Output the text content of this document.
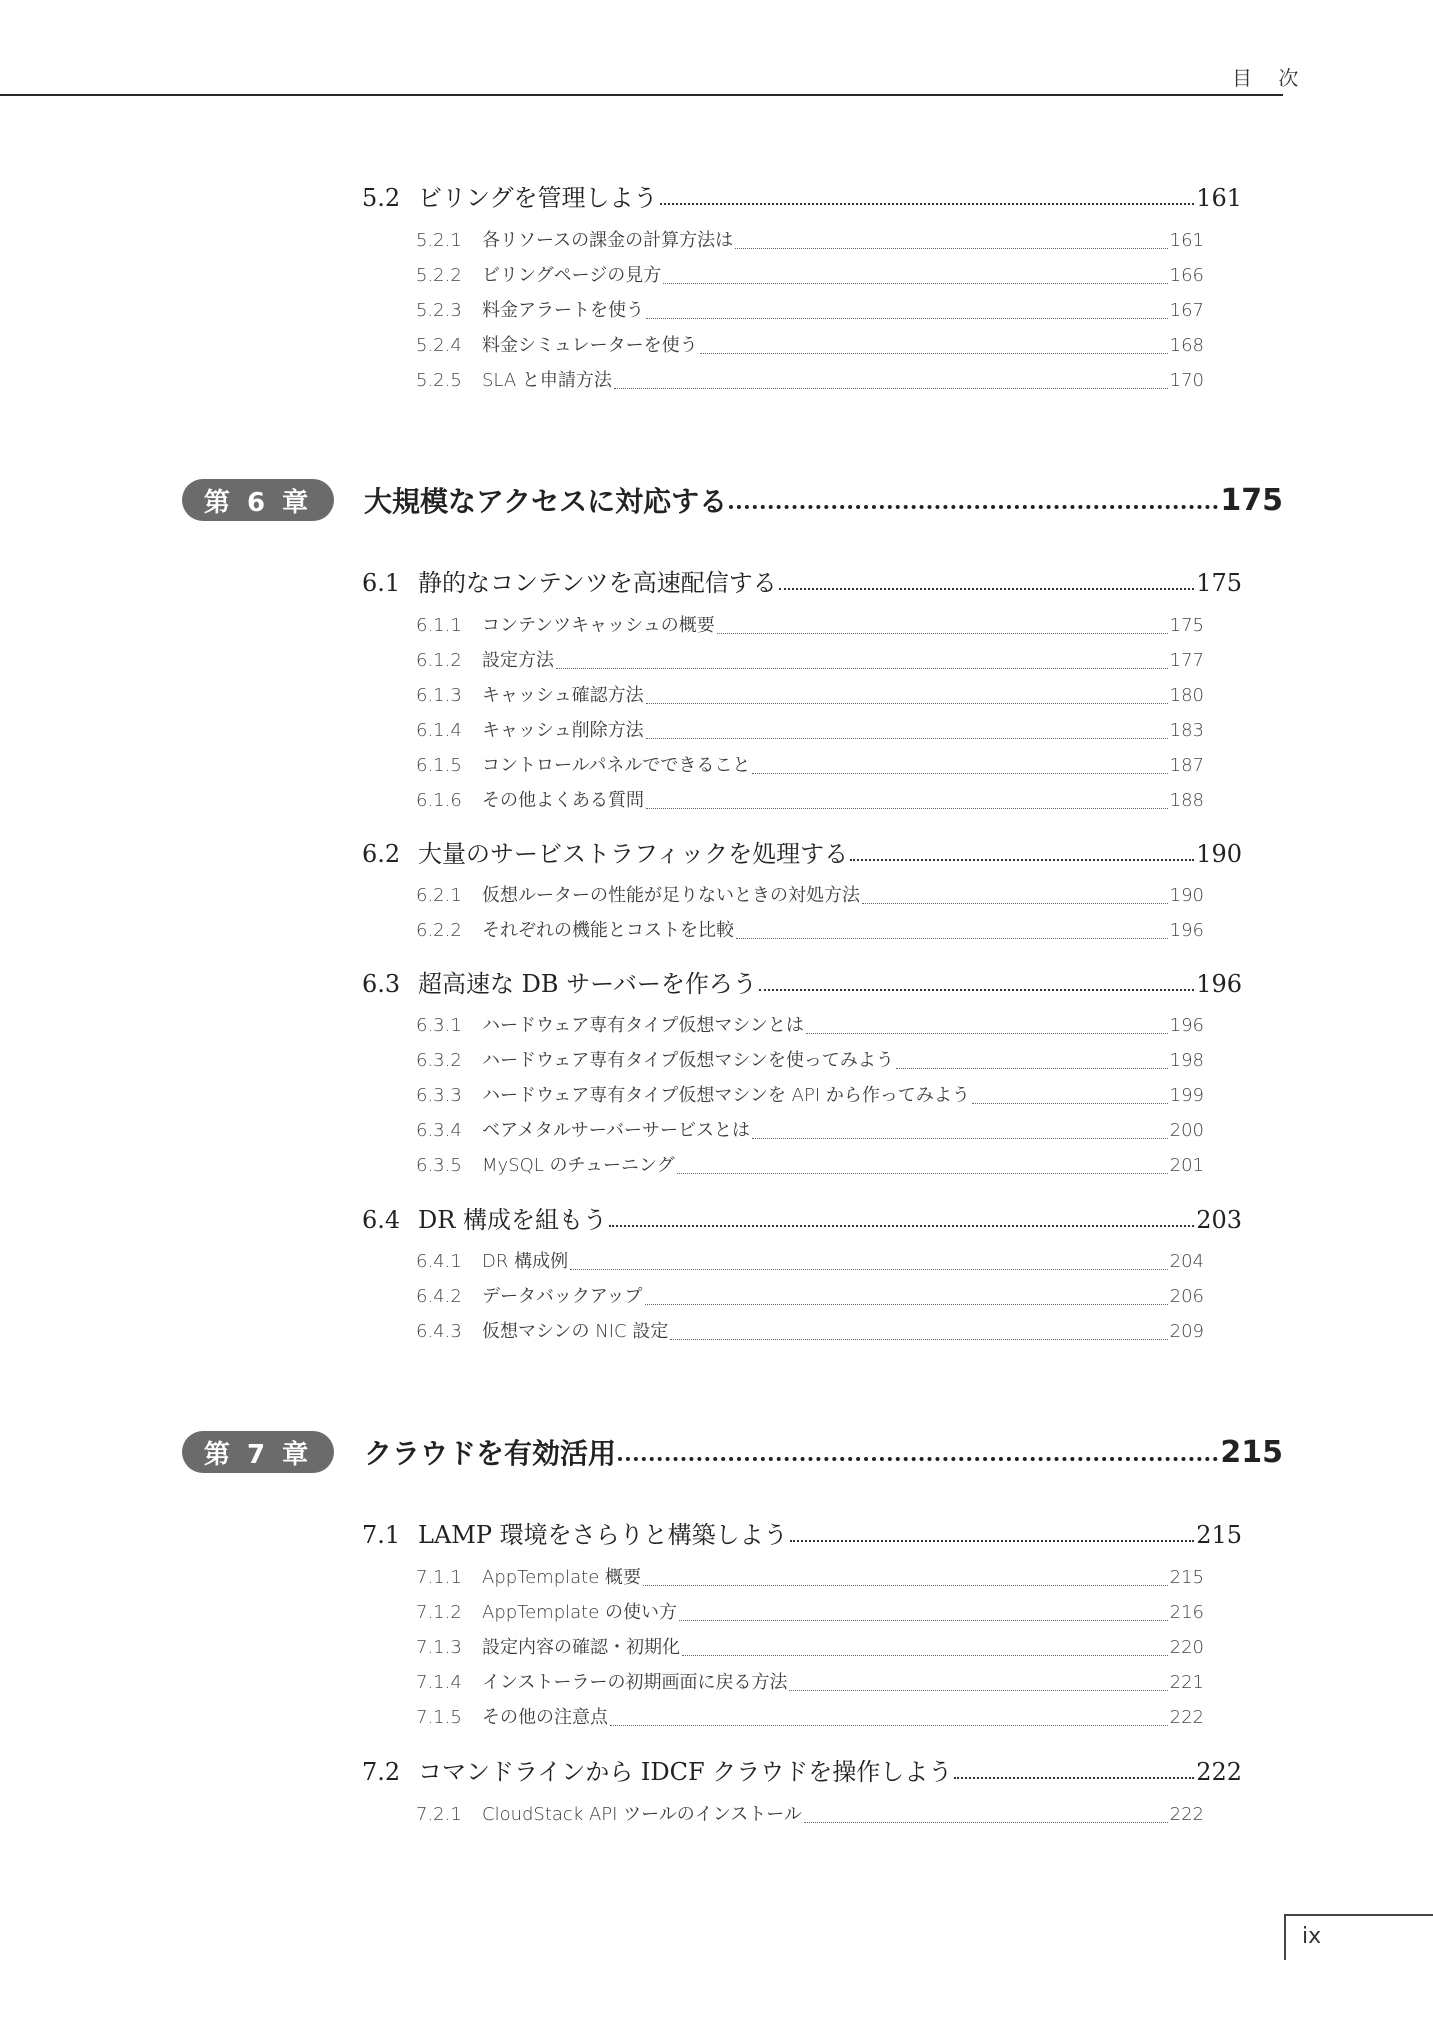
目 次
5.2 ビリングを管理しよう	161
5.2.1	各リソースの課金の計算方法は	161
5.2.2	ビリングページの見方	166
5.2.3	料金アラートを使う	167
5.2.4	料金シミュレーターを使う	168
5.2.5	SLA と申請方法	170
第 6 章	大規模なアクセスに対応する	175
6.1 静的なコンテンツを高速配信する	175
6.1.1	コンテンツキャッシュの概要	175
6.1.2	設定方法	177
6.1.3	キャッシュ確認方法	180
6.1.4	キャッシュ削除方法	183
6.1.5	コントロールパネルでできること	187
6.1.6	その他よくある質問	188
6.2 大量のサービストラフィックを処理する	190
6.2.1	仮想ルーターの性能が足りないときの対処方法	190
6.2.2	それぞれの機能とコストを比較	196
6.3 超高速な DB サーバーを作ろう	196
6.3.1	ハードウェア専有タイプ仮想マシンとは	196
6.3.2	ハードウェア専有タイプ仮想マシンを使ってみよう	198
6.3.3	ハードウェア専有タイプ仮想マシンを API から作ってみよう	199
6.3.4	ベアメタルサーバーサービスとは	200
6.3.5	MySQL のチューニング	201
6.4 DR 構成を組もう	203
6.4.1	DR 構成例	204
6.4.2	データバックアップ	206
6.4.3	仮想マシンの NIC 設定	209
第 7 章	クラウドを有効活用	215
7.1 LAMP 環境をさらりと構築しよう	215
7.1.1	AppTemplate 概要	215
7.1.2	AppTemplate の使い方	216
7.1.3	設定内容の確認・初期化	220
7.1.4	インストーラーの初期画面に戻る方法	221
7.1.5	その他の注意点	222
7.2 コマンドラインから IDCF クラウドを操作しよう	222
7.2.1	CloudStack API ツールのインストール	222
ix
